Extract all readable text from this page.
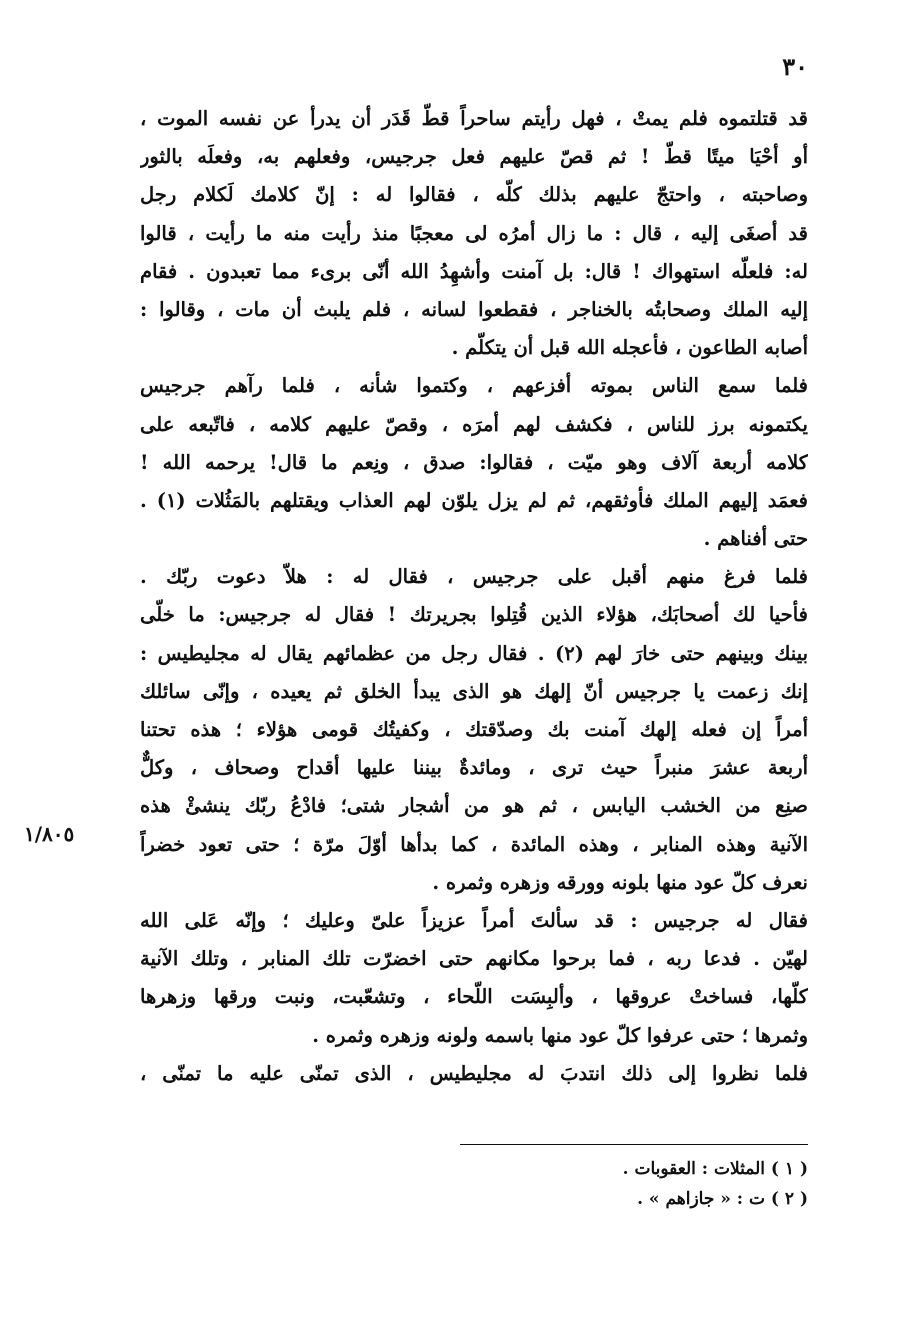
٣٠
١/٨٠٥
قد قتلتموه فلم يمتْ ، فهل رأيتم ساحراً قطّ قَدَر أن يدرأ عن نفسه الموت ،
أو أحْيَا ميتًا قطّ ! ثم قصّ عليهم فعل جرجيس، وفعلهم به، وفعلَه بالثور
وصاحبته ، واحتجّ عليهم بذلك كلّه ، فقالوا له : إنّ كلامك لَكلام رجل
قد أصغَى إليه ، قال : ما زال أمرُه لى معجبًا منذ رأيت منه ما رأيت ، قالوا
له: فلعلّه استهواك ! قال: بل آمنت وأشهِدُ الله أنّى برىء مما تعبدون . فقام
إليه الملك وصحابتُه بالخناجر ، فقطعوا لسانه ، فلم يلبث أن مات ، وقالوا :
أصابه الطاعون ، فأعجله الله قبل أن يتكلّم .
فلما سمع الناس بموته أفزعهم ، وكتموا شأنه ، فلما رآهم جرجيس
يكتمونه برز للناس ، فكشف لهم أمرَه ، وقصّ عليهم كلامه ، فاتّبعه على
كلامه أربعة آلاف وهو ميّت ، فقالوا: صدق ، ونِعم ما قال! يرحمه الله !
فعمَد إليهم الملك فأوثقهم، ثم لم يزل يلوّن لهم العذاب ويقتلهم بالمَثُلات (١) .
حتى أفناهم .
فلما فرغ منهم أقبل على جرجيس ، فقال له : هلاّ دعوت ربّك .
فأحيا لك أصحابَك، هؤلاء الذين قُتِلوا بجريرتك ! فقال له جرجيس: ما خلّى
بينك وبينهم حتى خارَ لهم (٢) . فقال رجل من عظمائهم يقال له مجليطيس :
إنك زعمت يا جرجيس أنّ إلهك هو الذى يبدأ الخلق ثم يعيده ، وإنّى سائلك
أمراً إن فعله إلهك آمنت بك وصدّقتك ، وكفيتُك قومى هؤلاء ؛ هذه تحتنا
أربعة عشرَ منبراً حيث ترى ، ومائدةٌ بيننا عليها أقداح وصحاف ، وكلٌّ
صنِع من الخشب اليابس ، ثم هو من أشجار شتى؛ فادْعُ ربّك ينشئْ هذه
الآنية وهذه المنابر ، وهذه المائدة ، كما بدأها أوّلَ مرّة ؛ حتى تعود خضراً
نعرف كلّ عود منها بلونه وورقه وزهره وثمره .
فقال له جرجيس : قد سألتَ أمراً عزيزاً علىّ وعليك ؛ وإنّه عَلى الله
لهيّن . فدعا ربه ، فما برحوا مكانهم حتى اخضرّت تلك المنابر ، وتلك الآنية
كلّها، فساختْ عروقها ، وألبِسَت اللّحاء ، وتشعّبت، ونبت ورقها وزهرها
وثمرها ؛ حتى عرفوا كلّ عود منها باسمه ولونه وزهره وثمره .
فلما نظروا إلى ذلك انتدبَ له مجليطيس ، الذى تمنّى عليه ما تمنّى ،
( ١ ) المثلات : العقوبات .
( ٢ ) ت : « جازاهم » .
